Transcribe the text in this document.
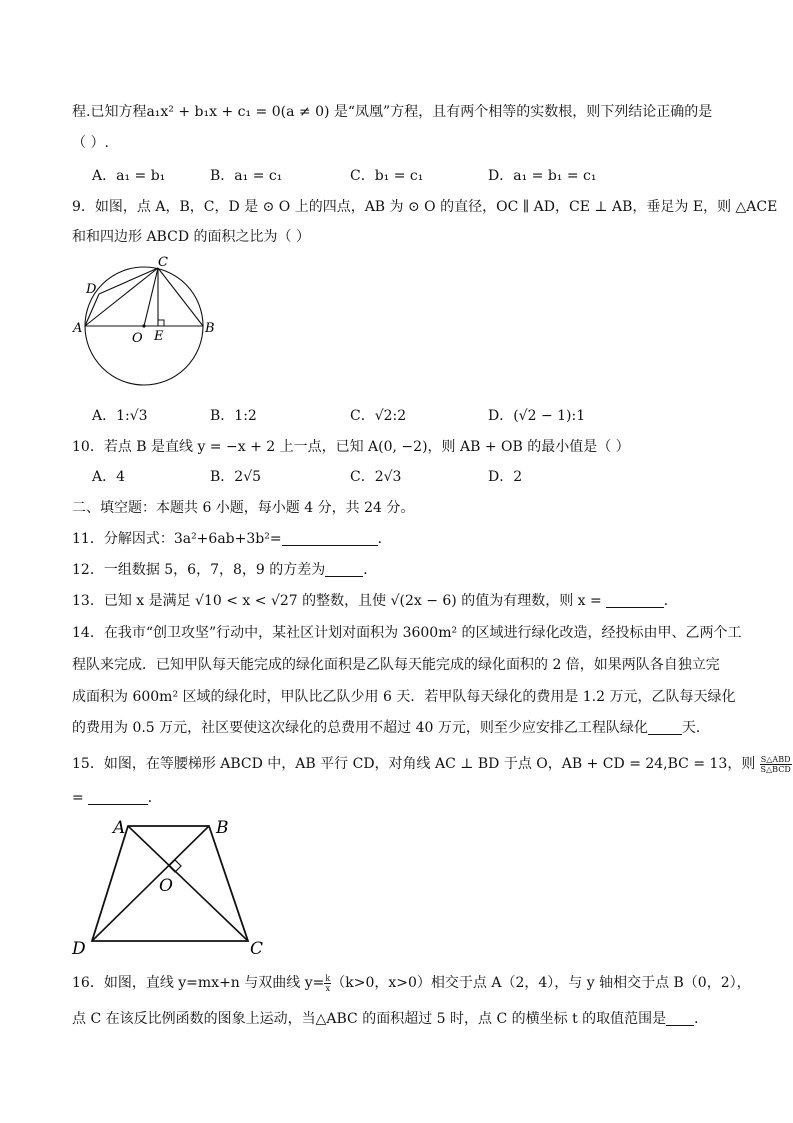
程.已知方程a₁x² + b₁x + c₁ = 0(a ≠ 0) 是“凤凰”方程，且有两个相等的实数根，则下列结论正确的是
（ ）.
A．a₁ = b₁	B．a₁ = c₁	C．b₁ = c₁	D．a₁ = b₁ = c₁
9．如图，点 A，B，C，D 是 ⊙ O 上的四点，AB 为 ⊙ O 的直径，OC ∥ AD，CE ⊥ AB，垂足为 E，则 △ACE
和和四边形 ABCD 的面积之比为（ ）
C
D
A
O E
B
A．1:√3	B．1:2	C．√2:2	D．(√2 − 1):1
10．若点 B 是直线 y = −x + 2 上一点，已知 A(0, −2)，则 AB + OB 的最小值是（ ）
A．4	B．2√5	C．2√3	D．2
二、填空题：本题共 6 小题，每小题 4 分，共 24 分。
11．分解因式：3a²+6ab+3b²=	．
12．一组数据 5，6，7，8，9 的方差为	．
13．已知 x 是满足 √10 < x < √27 的整数，且使 √(2x − 6) 的值为有理数，则 x =	．
14．在我市“创卫攻坚”行动中，某社区计划对面积为 3600m² 的区域进行绿化改造，经投标由甲、乙两个工
程队来完成．已知甲队每天能完成的绿化面积是乙队每天能完成的绿化面积的 2 倍，如果两队各自独立完
成面积为 600m² 区域的绿化时，甲队比乙队少用 6 天．若甲队每天绿化的费用是 1.2 万元，乙队每天绿化
的费用为 0.5 万元，社区要使这次绿化的总费用不超过 40 万元，则至少应安排乙工程队绿化 天．
15．如图，在等腰梯形 ABCD 中，AB 平行 CD，对角线 AC ⊥ BD 于点 O，AB + CD = 24,BC = 13，则 $\frac{\text{S△ABD}}{\text{S△BCD}}$
=	．
A	B
O
D	C
16．如图，直线 y=mx+n 与双曲线 $y= \frac{k}{x} (k>0$，x>0）相交于点 A（2，4），与 y 轴相交于点 B（0，2），
点 C 在该反比例函数的图象上运动，当△ABC 的面积超过 5 时，点 C 的横坐标 t 的取值范围是 ．
